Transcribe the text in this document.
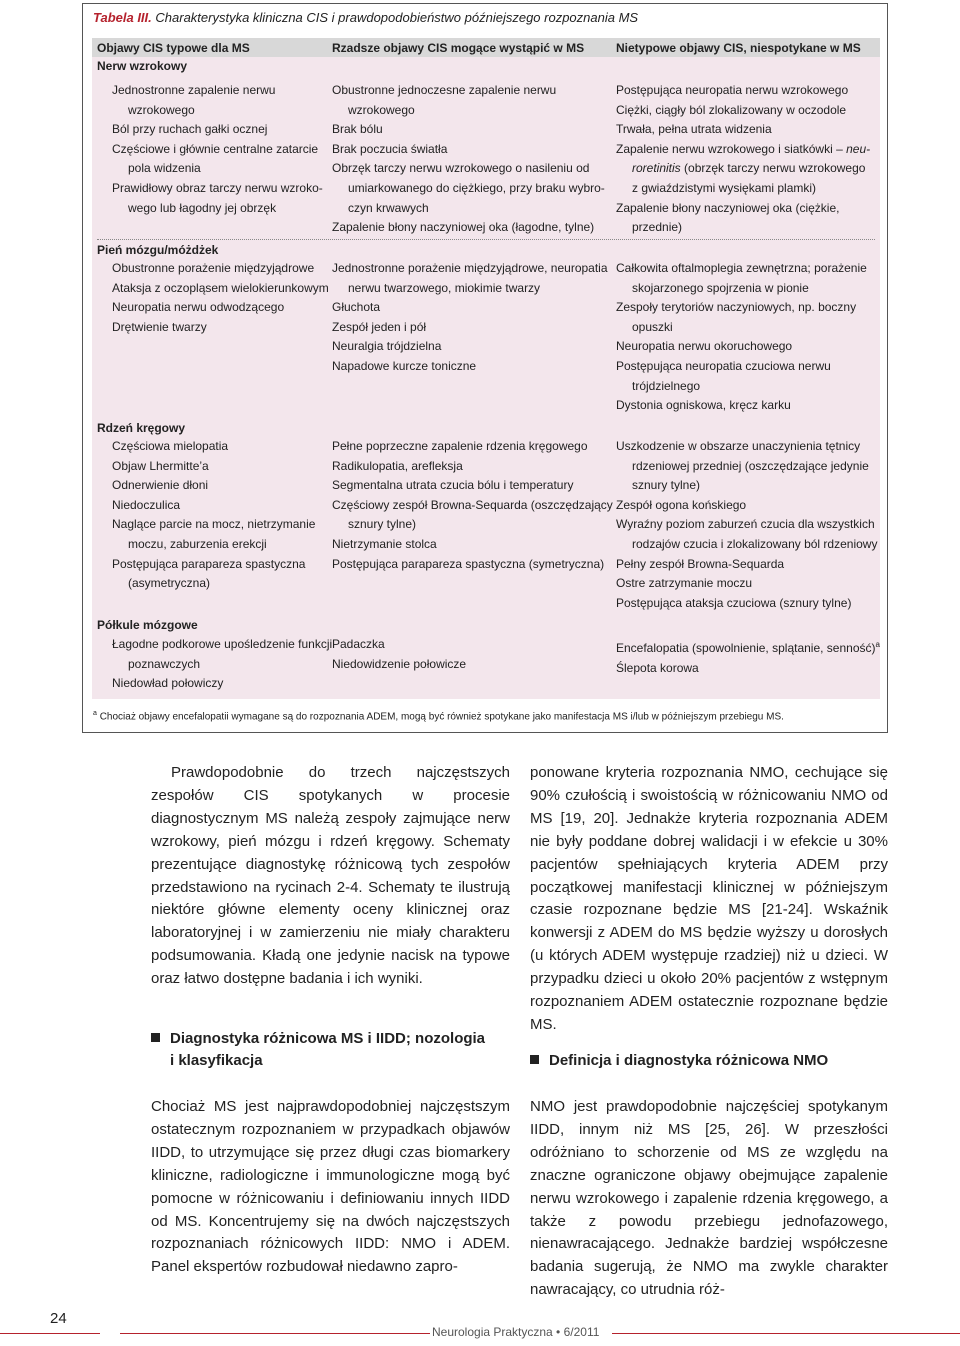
Tabela III. Charakterystyka kliniczna CIS i prawdopodobieństwo późniejszego rozpoznania MS
Objawy CIS typowe dla MS	Rzadsze objawy CIS mogące wystąpić w MS	Nietypowe objawy CIS, niespotykane w MS
Nerw wzrokowy
Jednostronne zapalenie nerwu
wzrokowego
Ból przy ruchach gałki ocznej
Częściowe i głównie centralne zatarcie
pola widzenia
Prawidłowy obraz tarczy nerwu wzroko-
wego lub łagodny jej obrzęk
Obustronne jednoczesne zapalenie nerwu
wzrokowego
Brak bólu
Brak poczucia światła
Obrzęk tarczy nerwu wzrokowego o nasileniu od
umiarkowanego do ciężkiego, przy braku wybro-
czyn krwawych
Zapalenie błony naczyniowej oka (łagodne, tylne)
Postępująca neuropatia nerwu wzrokowego
Ciężki, ciągły ból zlokalizowany w oczodole
Trwała, pełna utrata widzenia
Zapalenie nerwu wzrokowego i siatkówki – neu-
roretinitis (obrzęk tarczy nerwu wzrokowego
z gwiaździstymi wysiękami plamki)
Zapalenie błony naczyniowej oka (ciężkie,
przednie)
Pień mózgu/móżdżek
Obustronne porażenie międzyjądrowe
Ataksja z oczopląsem wielokierunkowym
Neuropatia nerwu odwodzącego
Drętwienie twarzy
Jednostronne porażenie międzyjądrowe, neuropatia
nerwu twarzowego, miokimie twarzy
Głuchota
Zespół jeden i pół
Neuralgia trójdzielna
Napadowe kurcze toniczne
Całkowita oftalmoplegia zewnętrzna; porażenie
skojarzonego spojrzenia w pionie
Zespoły terytoriów naczyniowych, np. boczny
opuszki
Neuropatia nerwu okoruchowego
Postępująca neuropatia czuciowa nerwu
trójdzielnego
Dystonia ogniskowa, kręcz karku
Rdzeń kręgowy
Częściowa mielopatia
Objaw Lhermitte’a
Odnerwienie dłoni
Niedoczulica
Naglące parcie na mocz, nietrzymanie
moczu, zaburzenia erekcji
Postępująca parapareza spastyczna
(asymetryczna)
Pełne poprzeczne zapalenie rdzenia kręgowego
Radikulopatia, arefleksja
Segmentalna utrata czucia bólu i temperatury
Częściowy zespół Browna-Sequarda (oszczędzający
sznury tylne)
Nietrzymanie stolca
Postępująca parapareza spastyczna (symetryczna)
Uszkodzenie w obszarze unaczynienia tętnicy
rdzeniowej przedniej (oszczędzające jedynie
sznury tylne)
Zespół ogona końskiego
Wyraźny poziom zaburzeń czucia dla wszystkich
rodzajów czucia i zlokalizowany ból rdzeniowy
Pełny zespół Browna-Sequarda
Ostre zatrzymanie moczu
Postępująca ataksja czuciowa (sznury tylne)
Półkule mózgowe
Łagodne podkorowe upośledzenie funkcji
poznawczych
Niedowład połowiczy
Padaczka
Niedowidzenie połowicze
Encefalopatia (spowolnienie, splątanie, senność)$^a$
Ślepota korowa
$^a$ Chociaż objawy encefalopatii wymagane są do rozpoznania ADEM, mogą być również spotykane jako manifestacja MS i/lub w późniejszym przebiegu MS.

Prawdopodobnie do trzech najczęstszych zespołów CIS spotykanych w procesie diagnostycznym MS należą zespoły zajmujące nerw wzrokowy, pień mózgu i rdzeń kręgowy. Schematy prezentujące diagnostykę różnicową tych zespołów przedstawiono na rycinach 2-4. Schematy te ilustrują niektóre główne elementy oceny klinicznej oraz laboratoryjnej i w zamierzeniu nie miały charakteru podsumowania. Kładą one jedynie nacisk na typowe oraz łatwo dostępne badania i ich wyniki.

Diagnostyka różnicowa MS i IIDD; nozologia
i klasyfikacja

Chociaż MS jest najprawdopodobniej najczęstszym ostatecznym rozpoznaniem w przypadkach objawów IIDD, to utrzymujące się przez długi czas biomarkery kliniczne, radiologiczne i immunologiczne mogą być pomocne w różnicowaniu i definiowaniu innych IIDD od MS. Koncentrujemy się na dwóch najczęstszych rozpoznaniach różnicowych IIDD: NMO i ADEM. Panel ekspertów rozbudował niedawno zapro-

ponowane kryteria rozpoznania NMO, cechujące się 90% czułością i swoistością w różnicowaniu NMO od MS [19, 20]. Jednakże kryteria rozpoznania ADEM nie były poddane dobrej walidacji i w efekcie u 30% pacjentów spełniających kryteria ADEM przy początkowej manifestacji klinicznej w późniejszym czasie rozpoznane będzie MS [21-24]. Wskaźnik konwersji z ADEM do MS będzie wyższy u dorosłych (u których ADEM występuje rzadziej) niż u dzieci. W przypadku dzieci u około 20% pacjentów z wstępnym rozpoznaniem ADEM ostatecznie rozpoznane będzie MS.

Definicja i diagnostyka różnicowa NMO

NMO jest prawdopodobnie najczęściej spotykanym IIDD, innym niż MS [25, 26]. W przeszłości odróżniano to schorzenie od MS ze względu na znaczne ograniczone objawy obejmujące zapalenie nerwu wzrokowego i zapalenie rdzenia kręgowego, a także z powodu przebiegu jednofazowego, nienawracającego. Jednakże bardziej współczesne badania sugerują, że NMO ma zwykle charakter nawracający, co utrudnia róż-

24
Neurologia Praktyczna • 6/2011
